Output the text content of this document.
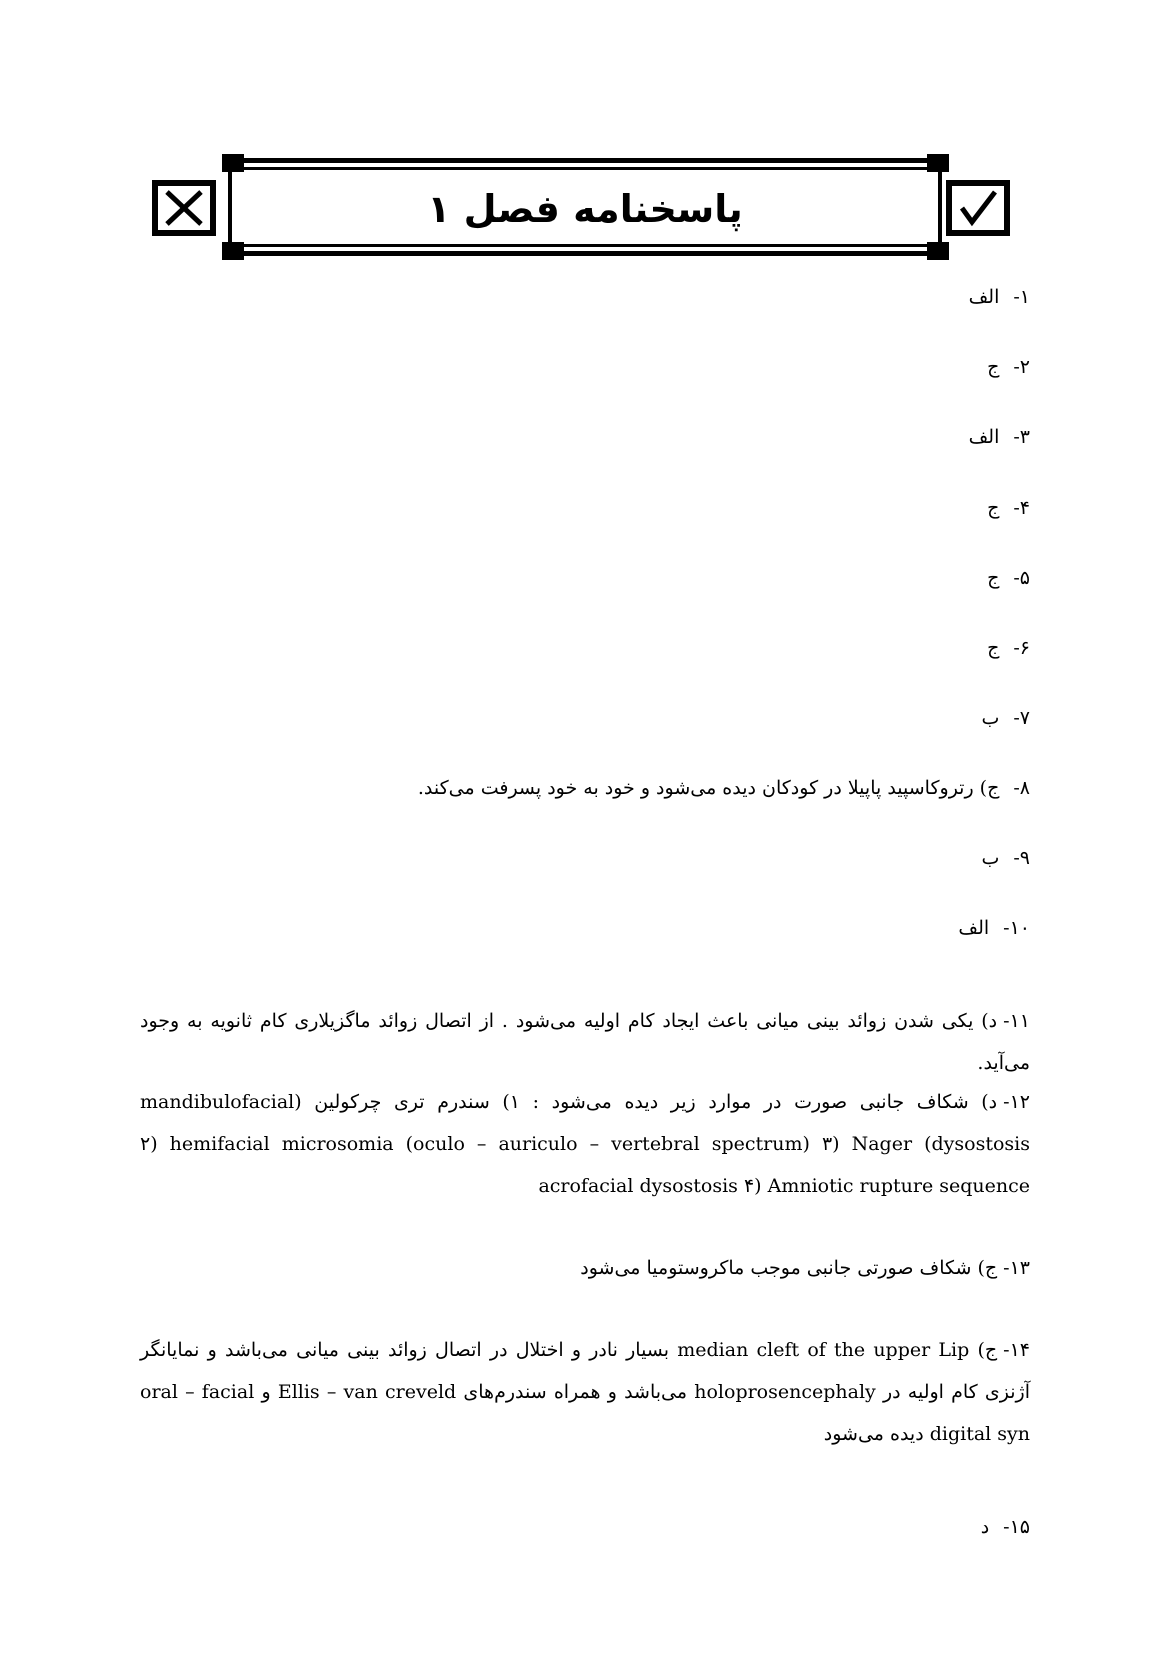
پاسخنامه فصل ۱
۱-الف
۲-ج
۳-الف
۴-ج
۵-ج
۶-ج
۷-ب
۸-ج) رتروکاسپید پاپیلا در کودکان دیده می‌شود و خود به خود پسرفت می‌کند.
۹-ب
۱۰-الف
۱۱-د) یکی شدن زوائد بینی میانی باعث ایجاد کام اولیه می‌شود . از اتصال زوائد ماگزیلاری کام ثانویه به وجود می‌آید.
۱۲-د) شکاف جانبی صورت در موارد زیر دیده می‌شود : ۱) سندرم تری چرکولین (mandibulofacial dysostosis) ۲) hemifacial microsomia (oculo – auriculo – vertebral spectrum) ۳) Nager acrofacial dysostosis ۴) Amniotic rupture sequence
۱۳-ج) شکاف صورتی جانبی موجب ماکروستومیا می‌شود
۱۴-ج) median cleft of the upper Lip بسیار نادر و اختلال در اتصال زوائد بینی میانی می‌باشد و نمایانگر آژنزی کام اولیه در holoprosencephaly می‌باشد و همراه سندرم‌های Ellis – van creveld و oral – facial digital syn دیده می‌شود
۱۵-د
